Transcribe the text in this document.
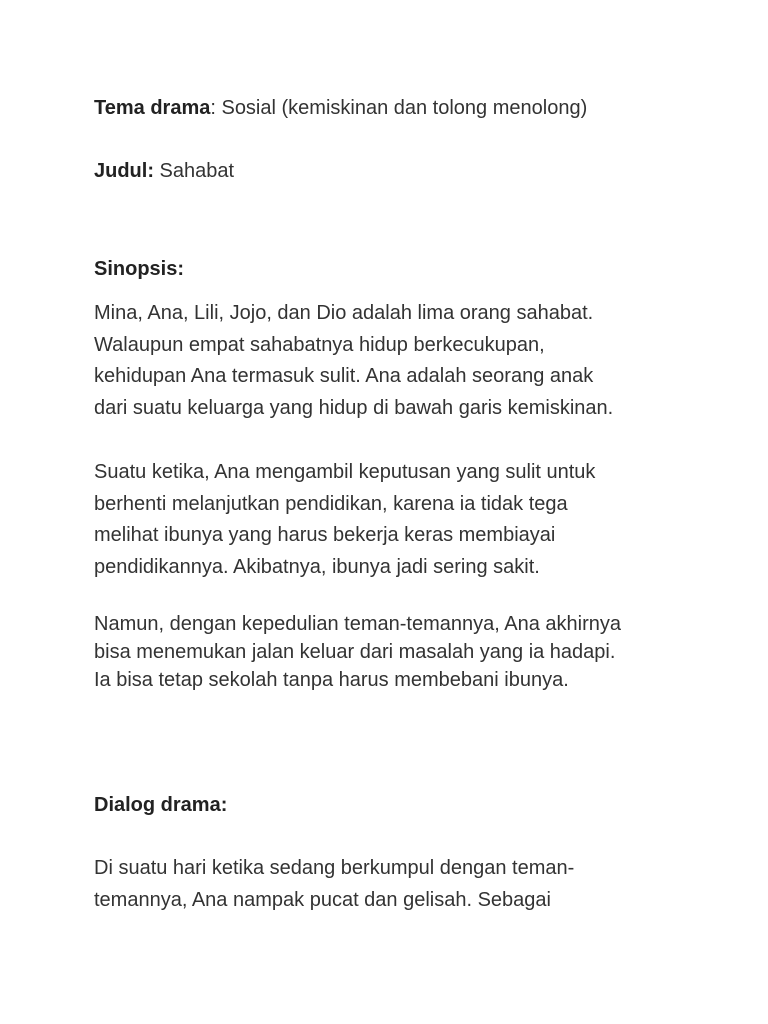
Tema drama: Sosial (kemiskinan dan tolong menolong)
Judul: Sahabat
Sinopsis:
Mina, Ana, Lili, Jojo, dan Dio adalah lima orang sahabat.
Walaupun empat sahabatnya hidup berkecukupan,
kehidupan Ana termasuk sulit. Ana adalah seorang anak
dari suatu keluarga yang hidup di bawah garis kemiskinan.
Suatu ketika, Ana mengambil keputusan yang sulit untuk
berhenti melanjutkan pendidikan, karena ia tidak tega
melihat ibunya yang harus bekerja keras membiayai
pendidikannya. Akibatnya, ibunya jadi sering sakit.
Namun, dengan kepedulian teman-temannya, Ana akhirnya
bisa menemukan jalan keluar dari masalah yang ia hadapi.
Ia bisa tetap sekolah tanpa harus membebani ibunya.
Dialog drama:
Di suatu hari ketika sedang berkumpul dengan teman-
temannya, Ana nampak pucat dan gelisah. Sebagai
